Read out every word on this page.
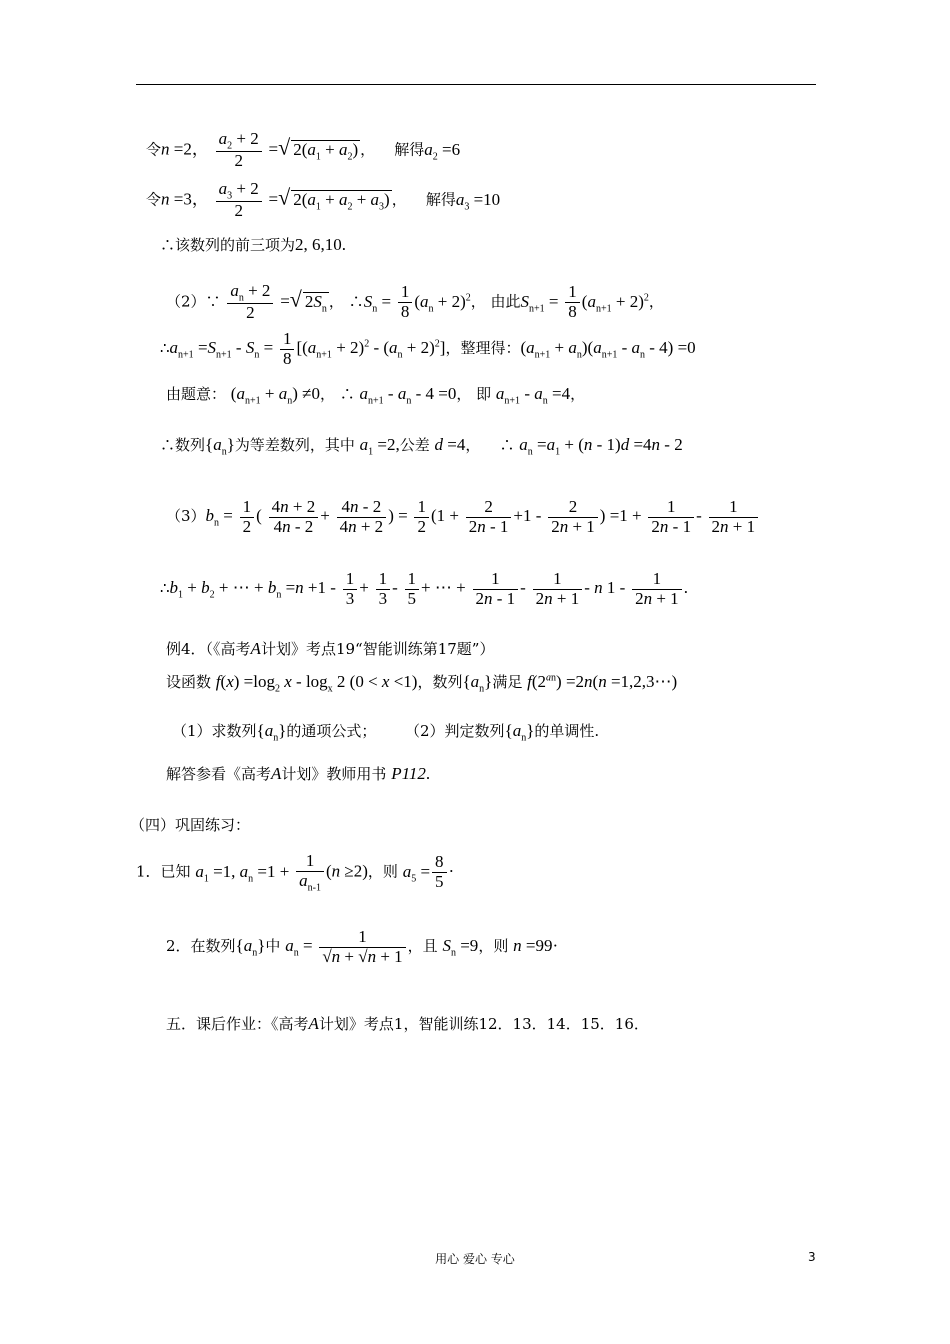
令n =2， $\frac{a_2 + 2}{2}$ =√ $2(a_1 + a_2)$ ， 解得$a_2 =6$
令n =3， $\frac{a_3 + 2}{2}$ =√ $2(a_1 + a_2 + a_3)$ ， 解得$a_3 =10$
∴该数列的前三项为2, 6,10.
（2）∵ $\frac{a_n + 2}{2}$ =√ $2S_n$ ， $\therefore S_n = \frac{1}{8} (a_n + 2)^2$， 由此$S_{n+1} = \frac{1}{8} (a_{n+1} + 2)^2$，
$\therefore a_{n+1} =S_{n+1} - S_n = \frac{1}{8} [(a_{n+1} + 2)^2 - (a_n + 2)^2]$，整理得：$(a_{n+1} + a_n)(a_{n+1} - a_n - 4) =0$
由题意： $(a_{n+1} + a_n) \ne 0$， ∴ $a_{n+1} - a_n - 4 =0$， 即 $a_{n+1} - a_n =4$，
∴数列$\{a_n\}$为等差数列，其中 $a_1 =2$,公差 d =4，    ∴ $a_n =a_1 + (n - 1)d =4n - 2$
$(3)b_n = \frac{1}{2}$ ( $\frac{4n + 2}{4n - 2} + \frac{4n - 2}{4n + 2}$ ) = $\frac{1}{2} (1 + \frac{2}{2n - 1} +1 - \frac{2}{2n + 1}$ ) $=1 + \frac{1}{2n - 1} - \frac{1}{2n + 1}$
$\therefore b_1 + b_2$ + ⋯ + $b_n =n +1 - \frac{1}{3} + \frac{1}{3} - \frac{1}{5}$ + ⋯ + $\frac{1}{2n - 1} - \frac{1}{2n + 1}$ - n $1 - \frac{1}{2n + 1}$ .
例4．（《高考A计划》考点19“智能训练第17题”）
设函数 $f(x) =\log_2$ x - $\log_x 2$ (0 < x <1)，数列$\{a_n\}$满足 $f(2^{an}) =2n(n$ =1,2,3⋯)
（1）求数列$\{a_n\}$的通项公式； （2）判定数列$\{a_n\}$的单调性.
解答参看《高考A计划》教师用书 P112.
（四）巩固练习：
1．已知 $a_1 =1$, $a_n =1 + \frac{1}{a_{n-1}} (n \ge 2)$，则 $a_5 = \frac{8}{5}$ ·
2．在数列$\{a_n\}$中 $a_n = \frac{1}{√n + √n + 1}$ ，且 $S_n =9$，则 n =99·
五．课后作业：《高考A计划》考点1，智能训练12．13．14．15．16．
用心 爱心 专心	3
